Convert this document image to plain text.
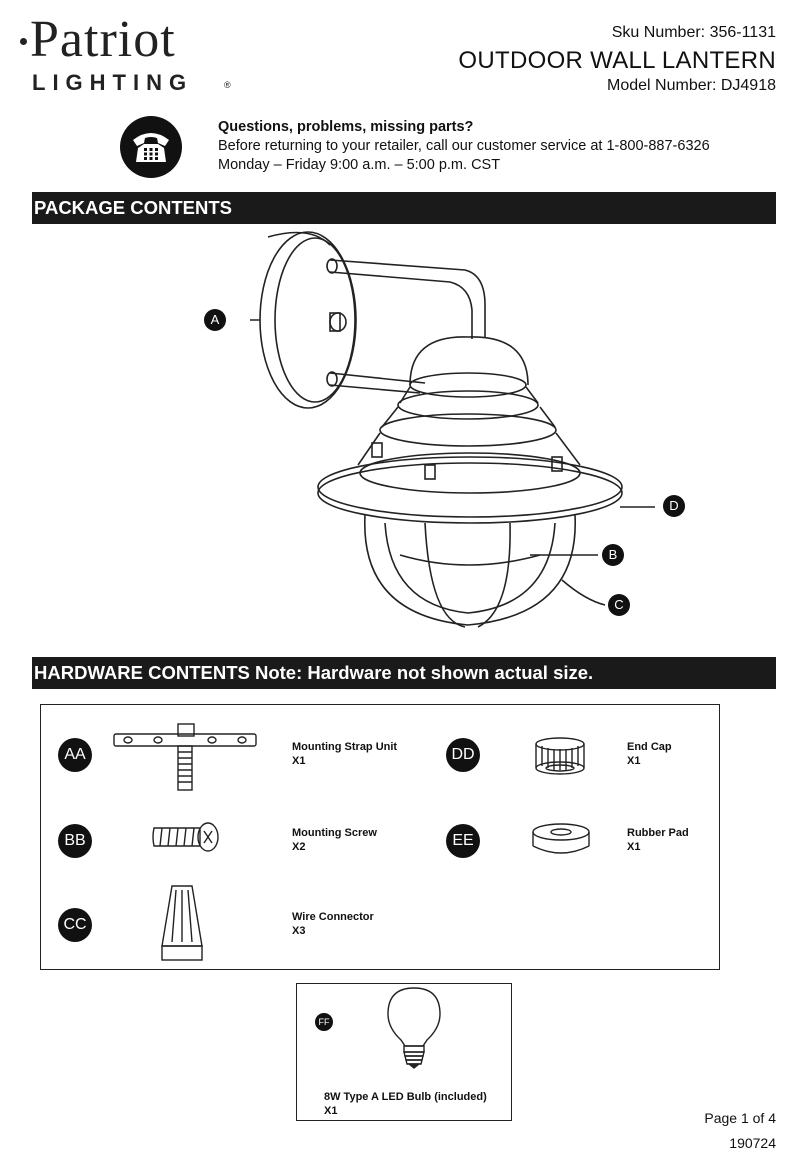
Patriot
LIGHTING	®
Sku Number: 356-1131
OUTDOOR WALL LANTERN
Model Number: DJ4918
Questions, problems, missing parts?
Before returning to your retailer, call our customer service at 1-800-887-6326
Monday – Friday 9:00 a.m. – 5:00 p.m. CST
PACKAGE CONTENTS
A
B
C
D
HARDWARE CONTENTS Note: Hardware not shown actual size.
AA	Mounting Strap Unit
X1
BB	Mounting Screw
X2
CC	Wire Connector
X3
DD	End Cap
X1
EE	Rubber Pad
X1
FF
8W Type A LED Bulb (included)
X1	Page 1 of 4
190724
